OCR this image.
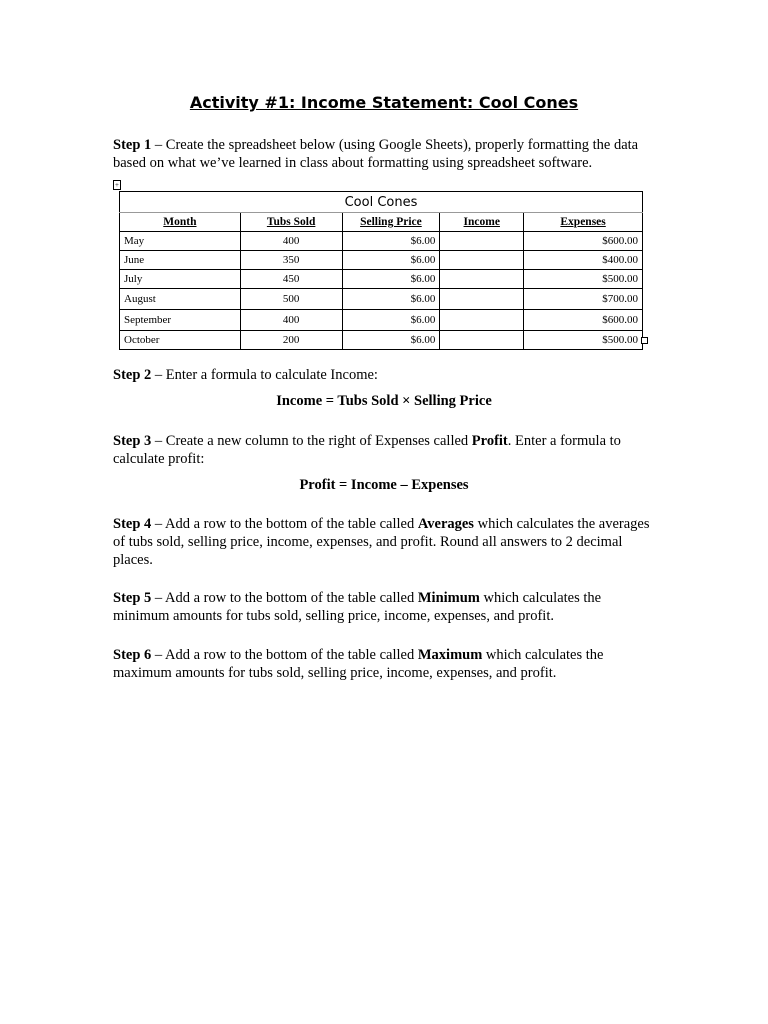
Activity #1: Income Statement: Cool Cones
Step 1 – Create the spreadsheet below (using Google Sheets), properly formatting the data based on what we’ve learned in class about formatting using spreadsheet software.
+
Cool Cones				
Month	Tubs Sold	Selling Price	Income	Expenses
May	400	$6.00		$600.00
June	350	$6.00		$400.00
July	450	$6.00		$500.00
August	500	$6.00		$700.00
September	400	$6.00		$600.00
October	200	$6.00		$500.00
Step 2 – Enter a formula to calculate Income:
Income = Tubs Sold × Selling Price
Step 3 – Create a new column to the right of Expenses called Profit. Enter a formula to calculate profit:
Profit = Income – Expenses
Step 4 – Add a row to the bottom of the table called Averages which calculates the averages of tubs sold, selling price, income, expenses, and profit. Round all answers to 2 decimal places.
Step 5 – Add a row to the bottom of the table called Minimum which calculates the minimum amounts for tubs sold, selling price, income, expenses, and profit.
Step 6 – Add a row to the bottom of the table called Maximum which calculates the maximum amounts for tubs sold, selling price, income, expenses, and profit.
